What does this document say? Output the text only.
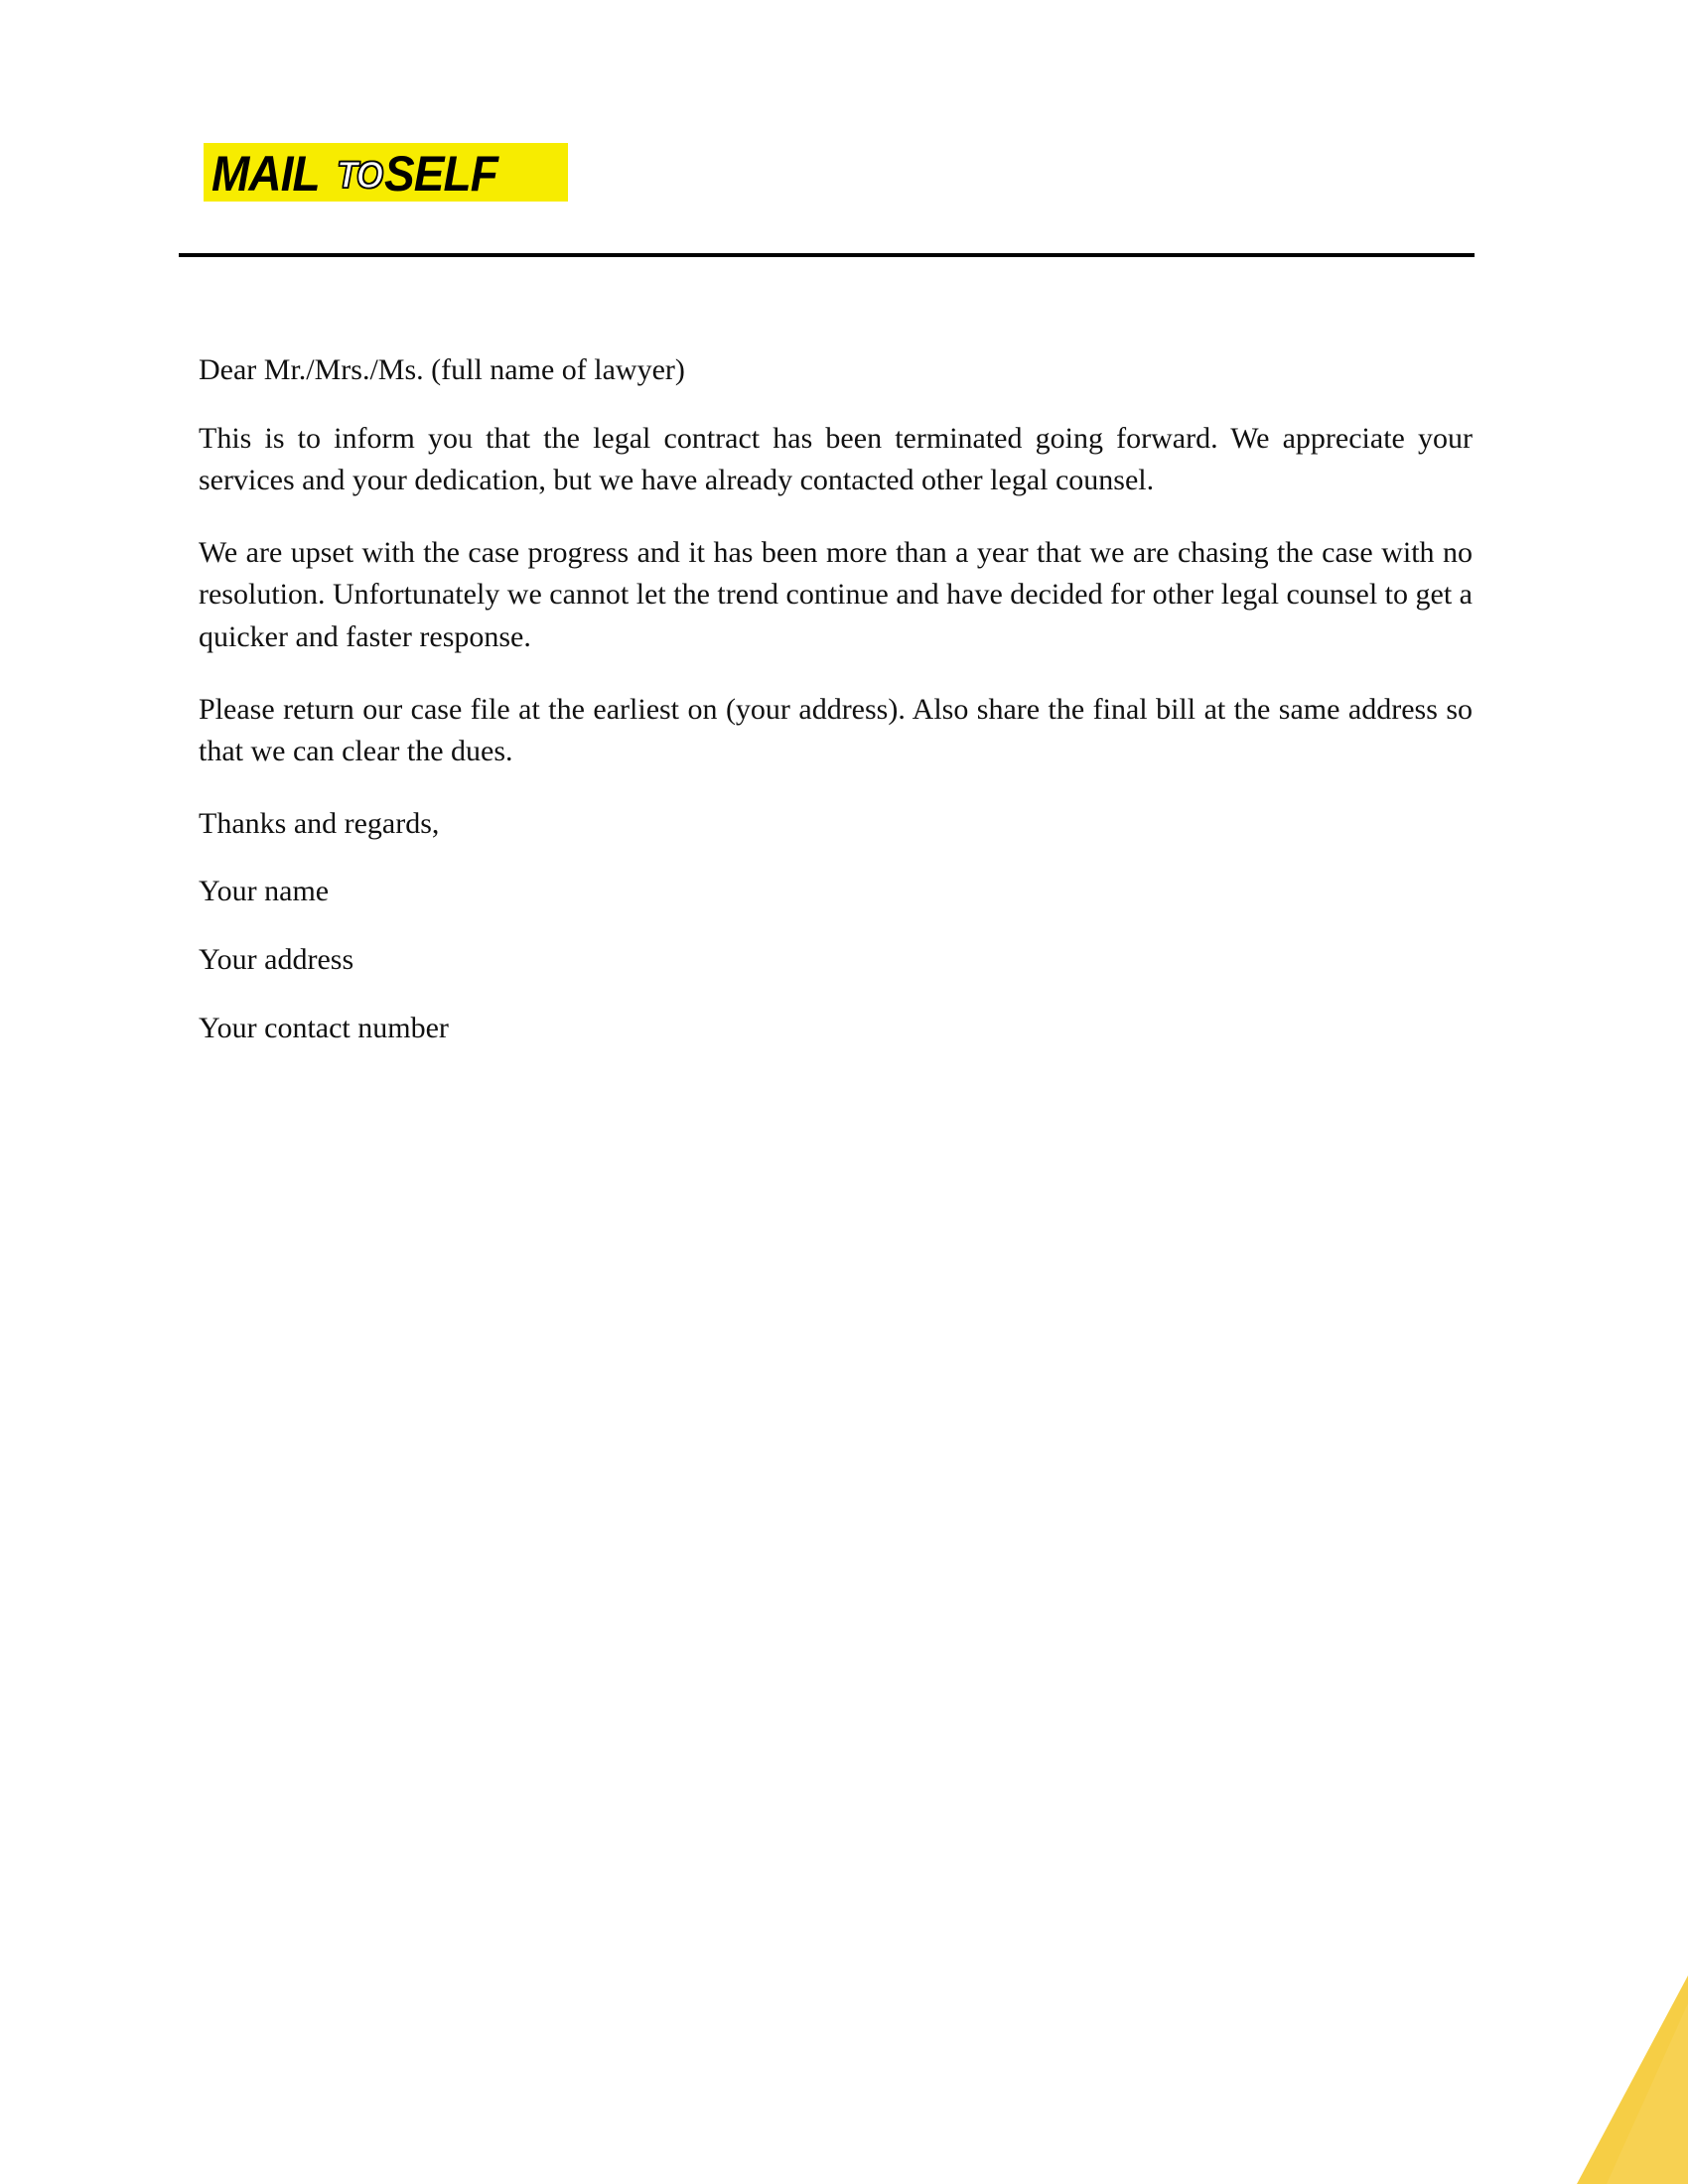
MAIL TO SELF

Dear Mr./Mrs./Ms. (full name of lawyer)

This is to inform you that the legal contract has been terminated going forward. We appreciate your services and your dedication, but we have already contacted other legal counsel.

We are upset with the case progress and it has been more than a year that we are chasing the case with no resolution. Unfortunately we cannot let the trend continue and have decided for other legal counsel to get a quicker and faster response.

Please return our case file at the earliest on (your address). Also share the final bill at the same address so that we can clear the dues.

Thanks and regards,

Your name

Your address

Your contact number
